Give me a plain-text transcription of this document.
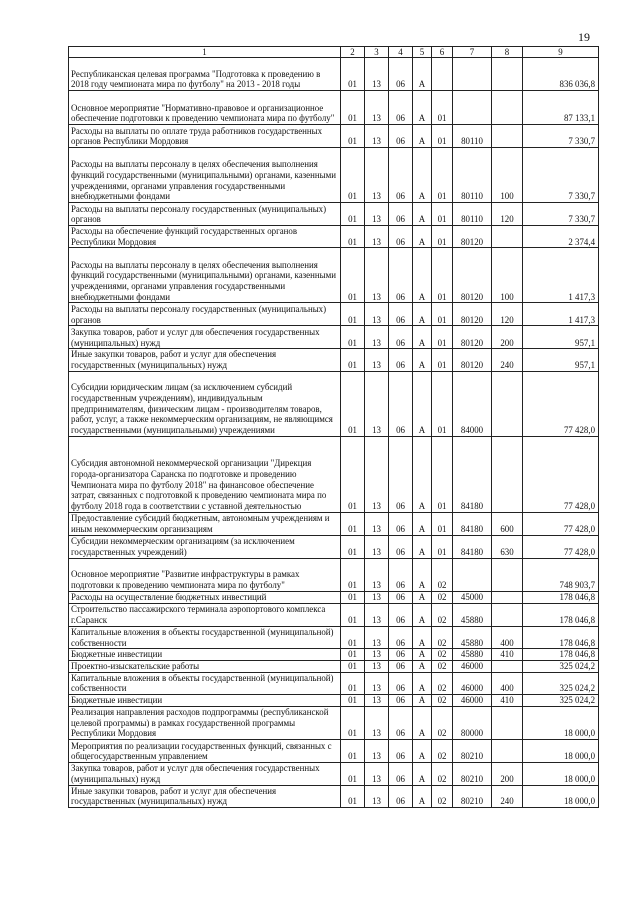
19
1	2	3	4	5	6	7	8	9
Республиканская целевая программа "Подготовка к проведению в 2018 году чемпионата мира по футболу" на 2013 - 2018 годы	01	13	06	А				836 036,8
Основное мероприятие "Нормативно-правовое и организационное обеспечение подготовки к проведению чемпионата мира по футболу"	01	13	06	А	01			87 133,1
Расходы на выплаты по оплате труда работников государственных органов Республики Мордовия	01	13	06	А	01	80110		7 330,7
Расходы на выплаты персоналу в целях обеспечения выполнения функций государственными (муниципальными) органами, казенными учреждениями, органами управления государственными внебюджетными фондами	01	13	06	А	01	80110	100	7 330,7
Расходы на выплаты персоналу государственных (муниципальных) органов	01	13	06	А	01	80110	120	7 330,7
Расходы на обеспечение функций государственных органов Республики Мордовия	01	13	06	А	01	80120		2 374,4
Расходы на выплаты персоналу в целях обеспечения выполнения функций государственными (муниципальными) органами, казенными учреждениями, органами управления государственными внебюджетными фондами	01	13	06	А	01	80120	100	1 417,3
Расходы на выплаты персоналу государственных (муниципальных) органов	01	13	06	А	01	80120	120	1 417,3
Закупка товаров, работ и услуг для обеспечения государственных (муниципальных) нужд	01	13	06	А	01	80120	200	957,1
Иные закупки товаров, работ и услуг для обеспечения государственных (муниципальных) нужд	01	13	06	А	01	80120	240	957,1
Субсидии юридическим лицам (за исключением субсидий государственным учреждениям), индивидуальным предпринимателям, физическим лицам - производителям товаров, работ, услуг, а также некоммерческим организациям, не являющимся государственными (муниципальными) учреждениями	01	13	06	А	01	84000		77 428,0
Субсидия автономной некоммерческой организации "Дирекция города-организатора Саранска по подготовке и проведению Чемпионата мира по футболу 2018" на финансовое обеспечение затрат, связанных с подготовкой к проведению чемпионата мира по футболу 2018 года в соответствии с уставной деятельностью	01	13	06	А	01	84180		77 428,0
Предоставление субсидий бюджетным, автономным учреждениям и иным некоммерческим организациям	01	13	06	А	01	84180	600	77 428,0
Субсидии некоммерческим организациям (за исключением государственных учреждений)	01	13	06	А	01	84180	630	77 428,0
Основное мероприятие "Развитие инфраструктуры в рамках подготовки к проведению чемпионата мира по футболу"	01	13	06	А	02			748 903,7
Расходы на осуществление бюджетных инвестиций	01	13	06	А	02	45000		178 046,8
Строительство пассажирского терминала аэропортового комплекса г.Саранск	01	13	06	А	02	45880		178 046,8
Капитальные вложения в объекты государственной (муниципальной) собственности	01	13	06	А	02	45880	400	178 046,8
Бюджетные инвестиции	01	13	06	А	02	45880	410	178 046,8
Проектно-изыскательские работы	01	13	06	А	02	46000		325 024,2
Капитальные вложения в объекты государственной (муниципальной) собственности	01	13	06	А	02	46000	400	325 024,2
Бюджетные инвестиции	01	13	06	А	02	46000	410	325 024,2
Реализация направления расходов подпрограммы (республиканской целевой программы) в рамках государственной программы Республики Мордовия	01	13	06	А	02	80000		18 000,0
Мероприятия по реализации государственных функций, связанных с общегосударственным управлением	01	13	06	А	02	80210		18 000,0
Закупка товаров, работ и услуг для обеспечения государственных (муниципальных) нужд	01	13	06	А	02	80210	200	18 000,0
Иные закупки товаров, работ и услуг для обеспечения государственных (муниципальных) нужд	01	13	06	А	02	80210	240	18 000,0
